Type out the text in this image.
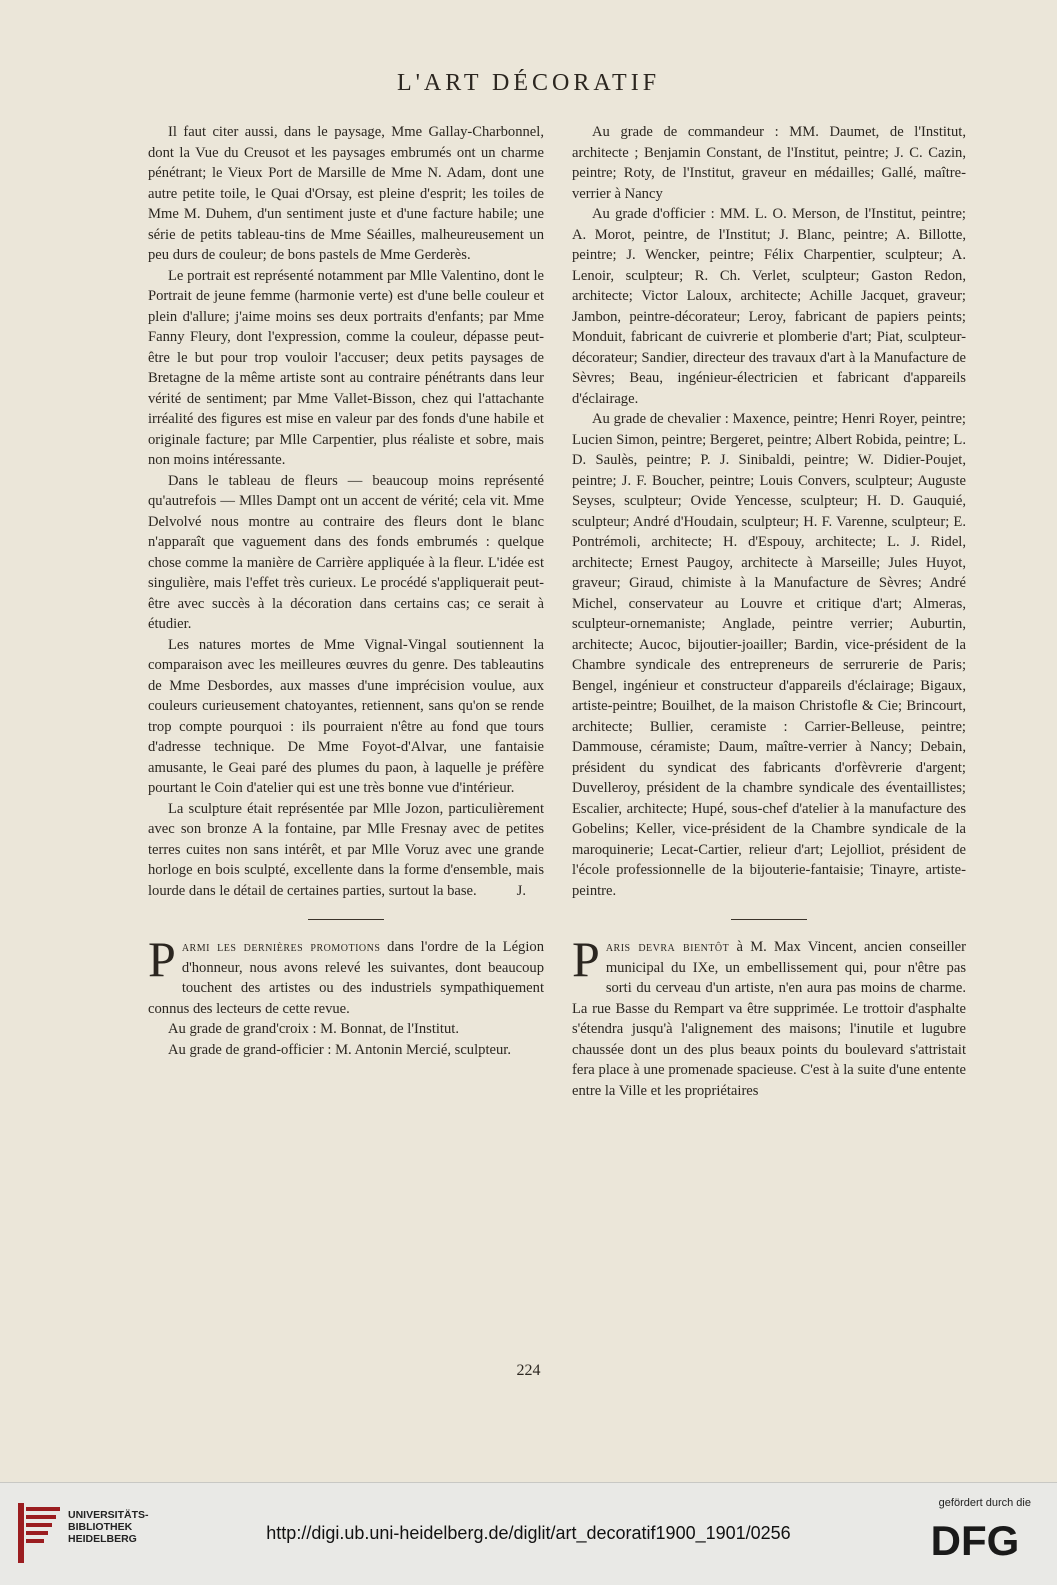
L'ART DÉCORATIF

Il faut citer aussi, dans le paysage, Mme Gallay-Charbonnel, dont la Vue du Creusot et les paysages embrumés ont un charme pénétrant; le Vieux Port de Marsille de Mme N. Adam, dont une autre petite toile, le Quai d'Orsay, est pleine d'esprit; les toiles de Mme M. Duhem, d'un sentiment juste et d'une facture habile; une série de petits tableau-tins de Mme Séailles, malheureusement un peu durs de couleur; de bons pastels de Mme Gerderès.

Le portrait est représenté notamment par Mlle Valentino, dont le Portrait de jeune femme (harmonie verte) est d'une belle couleur et plein d'allure; j'aime moins ses deux portraits d'enfants; par Mme Fanny Fleury, dont l'expression, comme la couleur, dépasse peut-être le but pour trop vouloir l'accuser; deux petits paysages de Bretagne de la même artiste sont au contraire pénétrants dans leur vérité de sentiment; par Mme Vallet-Bisson, chez qui l'attachante irréalité des figures est mise en valeur par des fonds d'une habile et originale facture; par Mlle Carpentier, plus réaliste et sobre, mais non moins intéressante.

Dans le tableau de fleurs — beaucoup moins représenté qu'autrefois — Mlles Dampt ont un accent de vérité; cela vit. Mme Delvolvé nous montre au contraire des fleurs dont le blanc n'apparaît que vaguement dans des fonds embrumés : quelque chose comme la manière de Carrière appliquée à la fleur. L'idée est singulière, mais l'effet très curieux. Le procédé s'appliquerait peut-être avec succès à la décoration dans certains cas; ce serait à étudier.

Les natures mortes de Mme Vignal-Vingal soutiennent la comparaison avec les meilleures œuvres du genre. Des tableautins de Mme Desbordes, aux masses d'une imprécision voulue, aux couleurs curieusement chatoyantes, retiennent, sans qu'on se rende trop compte pourquoi : ils pourraient n'être au fond que tours d'adresse technique. De Mme Foyot-d'Alvar, une fantaisie amusante, le Geai paré des plumes du paon, à laquelle je préfère pourtant le Coin d'atelier qui est une très bonne vue d'intérieur.

La sculpture était représentée par Mlle Jozon, particulièrement avec son bronze A la fontaine, par Mlle Fresnay avec de petites terres cuites non sans intérêt, et par Mlle Voruz avec une grande horloge en bois sculpté, excellente dans la forme d'ensemble, mais lourde dans le détail de certaines parties, surtout la base.	J.

Parmi les dernières promotions dans l'ordre de la Légion d'honneur, nous avons relevé les suivantes, dont beaucoup touchent des artistes ou des industriels sympathiquement connus des lecteurs de cette revue.

Au grade de grand'croix : M. Bonnat, de l'Institut.

Au grade de grand-officier : M. Antonin Mercié, sculpteur.

Au grade de commandeur : MM. Daumet, de l'Institut, architecte ; Benjamin Constant, de l'Institut, peintre; J. C. Cazin, peintre; Roty, de l'Institut, graveur en médailles; Gallé, maître-verrier à Nancy

Au grade d'officier : MM. L. O. Merson, de l'Institut, peintre; A. Morot, peintre, de l'Institut; J. Blanc, peintre; A. Billotte, peintre; J. Wencker, peintre; Félix Charpentier, sculpteur; A. Lenoir, sculpteur; R. Ch. Verlet, sculpteur; Gaston Redon, architecte; Victor Laloux, architecte; Achille Jacquet, graveur; Jambon, peintre-décorateur; Leroy, fabricant de papiers peints; Monduit, fabricant de cuivrerie et plomberie d'art; Piat, sculpteur-décorateur; Sandier, directeur des travaux d'art à la Manufacture de Sèvres; Beau, ingénieur-électricien et fabricant d'appareils d'éclairage.

Au grade de chevalier : Maxence, peintre; Henri Royer, peintre; Lucien Simon, peintre; Bergeret, peintre; Albert Robida, peintre; L. D. Saulès, peintre; P. J. Sinibaldi, peintre; W. Didier-Poujet, peintre; J. F. Boucher, peintre; Louis Convers, sculpteur; Auguste Seyses, sculpteur; Ovide Yencesse, sculpteur; H. D. Gauquié, sculpteur; André d'Houdain, sculpteur; H. F. Varenne, sculpteur; E. Pontrémoli, architecte; H. d'Espouy, architecte; L. J. Ridel, architecte; Ernest Paugoy, architecte à Marseille; Jules Huyot, graveur; Giraud, chimiste à la Manufacture de Sèvres; André Michel, conservateur au Louvre et critique d'art; Almeras, sculpteur-ornemaniste; Anglade, peintre verrier; Auburtin, architecte; Aucoc, bijoutier-joailler; Bardin, vice-président de la Chambre syndicale des entrepreneurs de serrurerie de Paris; Bengel, ingénieur et constructeur d'appareils d'éclairage; Bigaux, artiste-peintre; Bouilhet, de la maison Christofle & Cie; Brincourt, architecte; Bullier, ceramiste : Carrier-Belleuse, peintre; Dammouse, céramiste; Daum, maître-verrier à Nancy; Debain, président du syndicat des fabricants d'orfèvrerie d'argent; Duvelleroy, président de la chambre syndicale des éventaillistes; Escalier, architecte; Hupé, sous-chef d'atelier à la manufacture des Gobelins; Keller, vice-président de la Chambre syndicale de la maroquinerie; Lecat-Cartier, relieur d'art; Lejolliot, président de l'école professionnelle de la bijouterie-fantaisie; Tinayre, artiste-peintre.

Paris devra bientôt à M. Max Vincent, ancien conseiller municipal du IXe, un embellissement qui, pour n'être pas sorti du cerveau d'un artiste, n'en aura pas moins de charme. La rue Basse du Rempart va être supprimée. Le trottoir d'asphalte s'étendra jusqu'à l'alignement des maisons; l'inutile et lugubre chaussée dont un des plus beaux points du boulevard s'attristait fera place à une promenade spacieuse. C'est à la suite d'une entente entre la Ville et les propriétaires

224
UNIVERSITÄTS-
BIBLIOTHEK
HEIDELBERG	http://digi.ub.uni-heidelberg.de/diglit/art_decoratif1900_1901/0256
gefördert durch die
DFG
